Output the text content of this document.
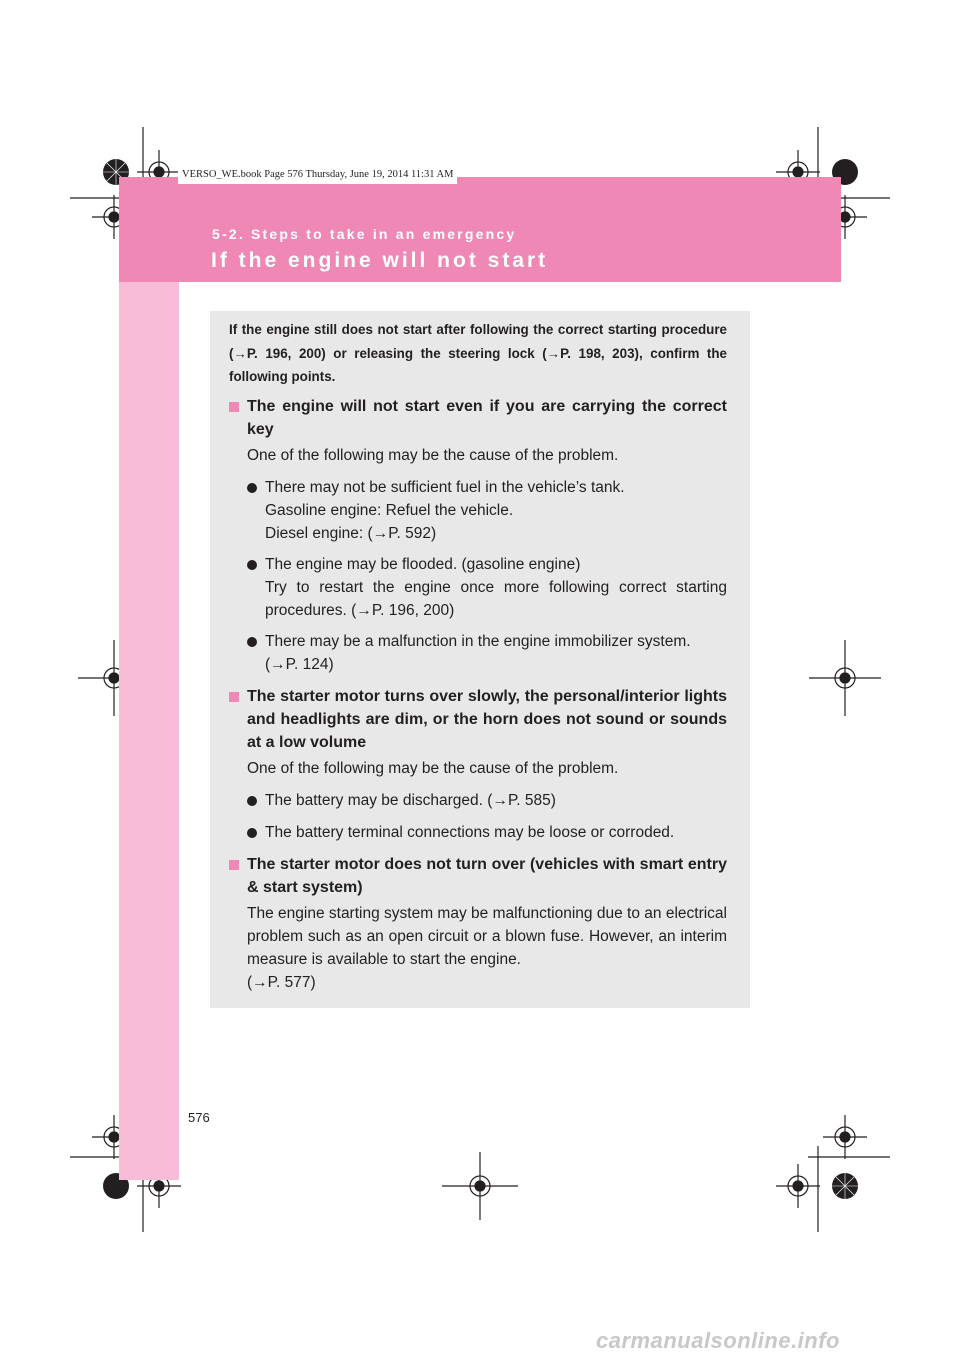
VERSO_WE.book Page 576 Thursday, June 19, 2014 11:31 AM
5-2. Steps to take in an emergency
If the engine will not start
If the engine still does not start after following the correct starting procedure (→P. 196, 200) or releasing the steering lock (→P. 198, 203), confirm the following points.
The engine will not start even if you are carrying the correct key
One of the following may be the cause of the problem.
There may not be sufficient fuel in the vehicle’s tank.
Gasoline engine: Refuel the vehicle.
Diesel engine: (→P. 592)
The engine may be flooded. (gasoline engine)
Try to restart the engine once more following correct starting procedures. (→P. 196, 200)
There may be a malfunction in the engine immobilizer system.
(→P. 124)
The starter motor turns over slowly, the personal/interior lights and headlights are dim, or the horn does not sound or sounds at a low volume
One of the following may be the cause of the problem.
The battery may be discharged. (→P. 585)
The battery terminal connections may be loose or corroded.
The starter motor does not turn over (vehicles with smart entry & start system)
The engine starting system may be malfunctioning due to an electrical problem such as an open circuit or a blown fuse. However, an interim measure is available to start the engine.
(→P. 577)
576
carmanualsonline.info
